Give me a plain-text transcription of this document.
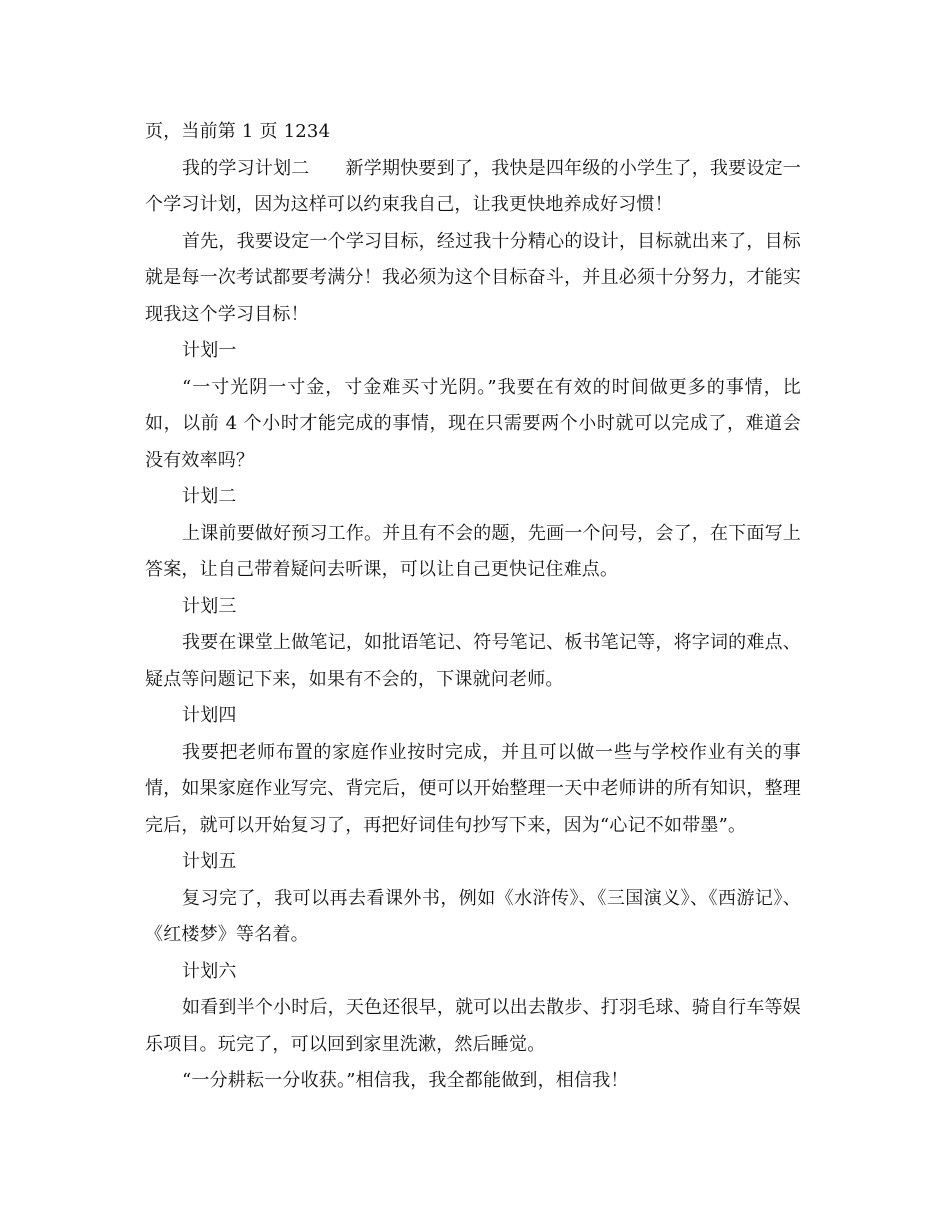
页，当前第 1 页 1234

我的学习计划二 新学期快要到了，我快是四年级的小学生了，我要设定一个学习计划，因为这样可以约束我自己，让我更快地养成好习惯！

首先，我要设定一个学习目标，经过我十分精心的设计，目标就出来了，目标就是每一次考试都要考满分！我必须为这个目标奋斗，并且必须十分努力，才能实现我这个学习目标！

计划一

“一寸光阴一寸金，寸金难买寸光阴。”我要在有效的时间做更多的事情，比如，以前 4 个小时才能完成的事情，现在只需要两个小时就可以完成了，难道会没有效率吗？

计划二

上课前要做好预习工作。并且有不会的题，先画一个问号，会了，在下面写上答案，让自己带着疑问去听课，可以让自己更快记住难点。

计划三

我要在课堂上做笔记，如批语笔记、符号笔记、板书笔记等，将字词的难点、疑点等问题记下来，如果有不会的，下课就问老师。

计划四

我要把老师布置的家庭作业按时完成，并且可以做一些与学校作业有关的事情，如果家庭作业写完、背完后，便可以开始整理一天中老师讲的所有知识，整理完后，就可以开始复习了，再把好词佳句抄写下来，因为“心记不如带墨”。

计划五

复习完了，我可以再去看课外书，例如《水浒传》、《三国演义》、《西游记》、《红楼梦》等名着。

计划六

如看到半个小时后，天色还很早，就可以出去散步、打羽毛球、骑自行车等娱乐项目。玩完了，可以回到家里洗漱，然后睡觉。

“一分耕耘一分收获。”相信我，我全都能做到，相信我！
